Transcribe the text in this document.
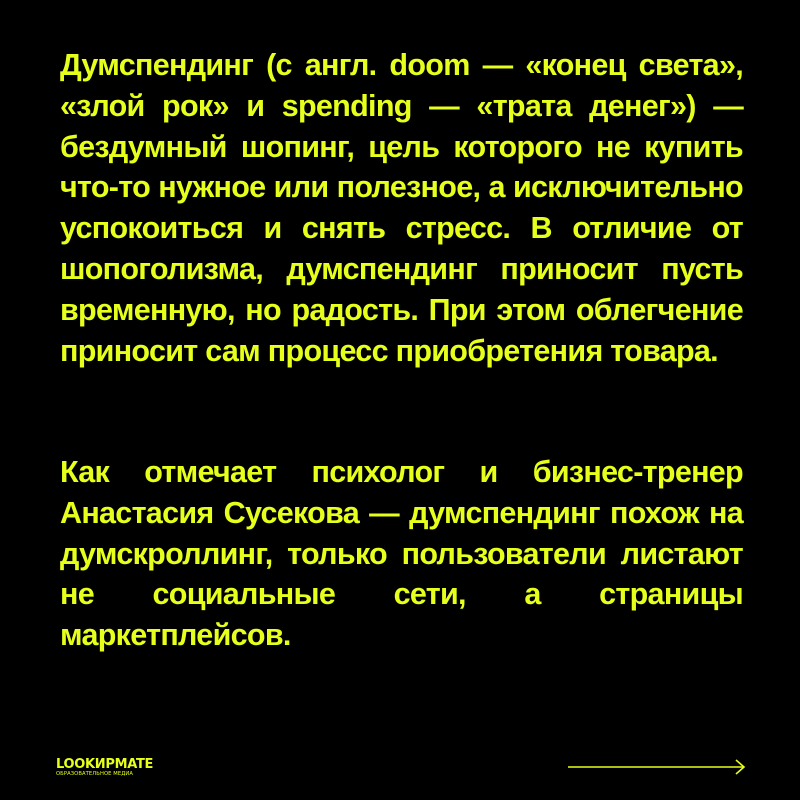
Думспендинг (с англ. doom — «конец света», «злой рок» и spending — «трата денег») — бездумный шопинг, цель которого не купить что-то нужное или полезное, а исключительно успокоиться и снять стресс. В отличие от шопоголизма, думспендинг приносит пусть временную, но радость. При этом облегчение приносит сам процесс приобретения товара.

Как отмечает психолог и бизнес-тренер Анастасия Сусекова — думспендинг похож на думскроллинг, только пользователи листают не социальные сети, а страницы маркетплейсов.

LOOKИPMATE
ОБРАЗОВАТЕЛЬНОЕ МЕДИА
